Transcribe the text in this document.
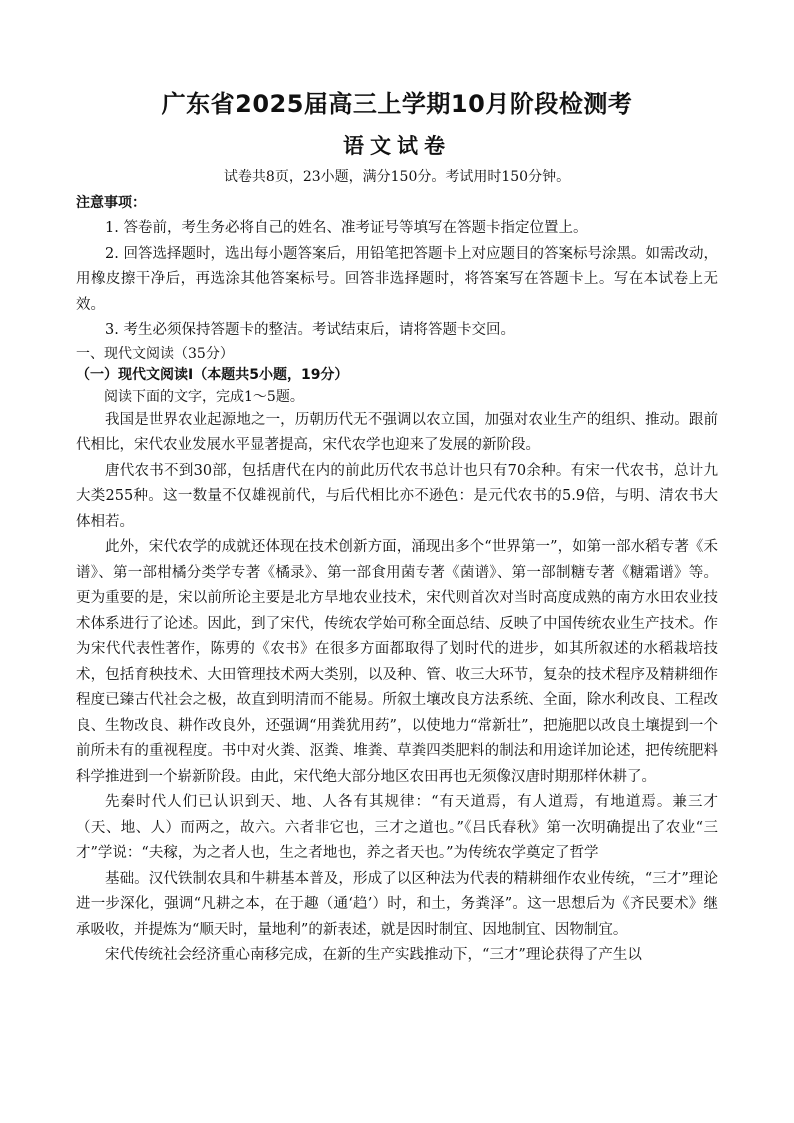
广东省2025届高三上学期10月阶段检测考
语文试卷
试卷共8页，23小题，满分150分。考试用时150分钟。
注意事项：

1. 答卷前，考生务必将自己的姓名、准考证号等填写在答题卡指定位置上。

2. 回答选择题时，选出每小题答案后，用铅笔把答题卡上对应题目的答案标号涂黑。如需改动，用橡皮擦干净后，再选涂其他答案标号。回答非选择题时，将答案写在答题卡上。写在本试卷上无效。

3. 考生必须保持答题卡的整洁。考试结束后，请将答题卡交回。

一、现代文阅读（35分）

（一）现代文阅读Ⅰ（本题共5小题，19分）

阅读下面的文字，完成1～5题。

我国是世界农业起源地之一，历朝历代无不强调以农立国，加强对农业生产的组织、推动。跟前代相比，宋代农业发展水平显著提高，宋代农学也迎来了发展的新阶段。

唐代农书不到30部，包括唐代在内的前此历代农书总计也只有70余种。有宋一代农书，总计九大类255种。这一数量不仅雄视前代，与后代相比亦不逊色：是元代农书的5.9倍，与明、清农书大体相若。

此外，宋代农学的成就还体现在技术创新方面，涌现出多个“世界第一”，如第一部水稻专著《禾谱》、第一部柑橘分类学专著《橘录》、第一部食用菌专著《菌谱》、第一部制糖专著《糖霜谱》等。更为重要的是，宋以前所论主要是北方旱地农业技术，宋代则首次对当时高度成熟的南方水田农业技术体系进行了论述。因此，到了宋代，传统农学始可称全面总结、反映了中国传统农业生产技术。作为宋代代表性著作，陈旉的《农书》在很多方面都取得了划时代的进步，如其所叙述的水稻栽培技术，包括育秧技术、大田管理技术两大类别，以及种、管、收三大环节，复杂的技术程序及精耕细作程度已臻古代社会之极，故直到明清而不能易。所叙土壤改良方法系统、全面，除水利改良、工程改良、生物改良、耕作改良外，还强调“用粪犹用药”，以使地力“常新壮”，把施肥以改良土壤提到一个前所未有的重视程度。书中对火粪、沤粪、堆粪、草粪四类肥料的制法和用途详加论述，把传统肥料科学推进到一个崭新阶段。由此，宋代绝大部分地区农田再也无须像汉唐时期那样休耕了。

先秦时代人们已认识到天、地、人各有其规律：“有天道焉，有人道焉，有地道焉。兼三才（天、地、人）而两之，故六。六者非它也，三才之道也。”《吕氏春秋》第一次明确提出了农业“三才”学说：“夫稼，为之者人也，生之者地也，养之者天也。”为传统农学奠定了哲学

基础。汉代铁制农具和牛耕基本普及，形成了以区种法为代表的精耕细作农业传统，“三才”理论进一步深化，强调“凡耕之本，在于趣（通‘趋’）时，和土，务粪泽”。这一思想后为《齐民要术》继承吸收，并提炼为“顺天时，量地利”的新表述，就是因时制宜、因地制宜、因物制宜。

宋代传统社会经济重心南移完成，在新的生产实践推动下，“三才”理论获得了产生以
